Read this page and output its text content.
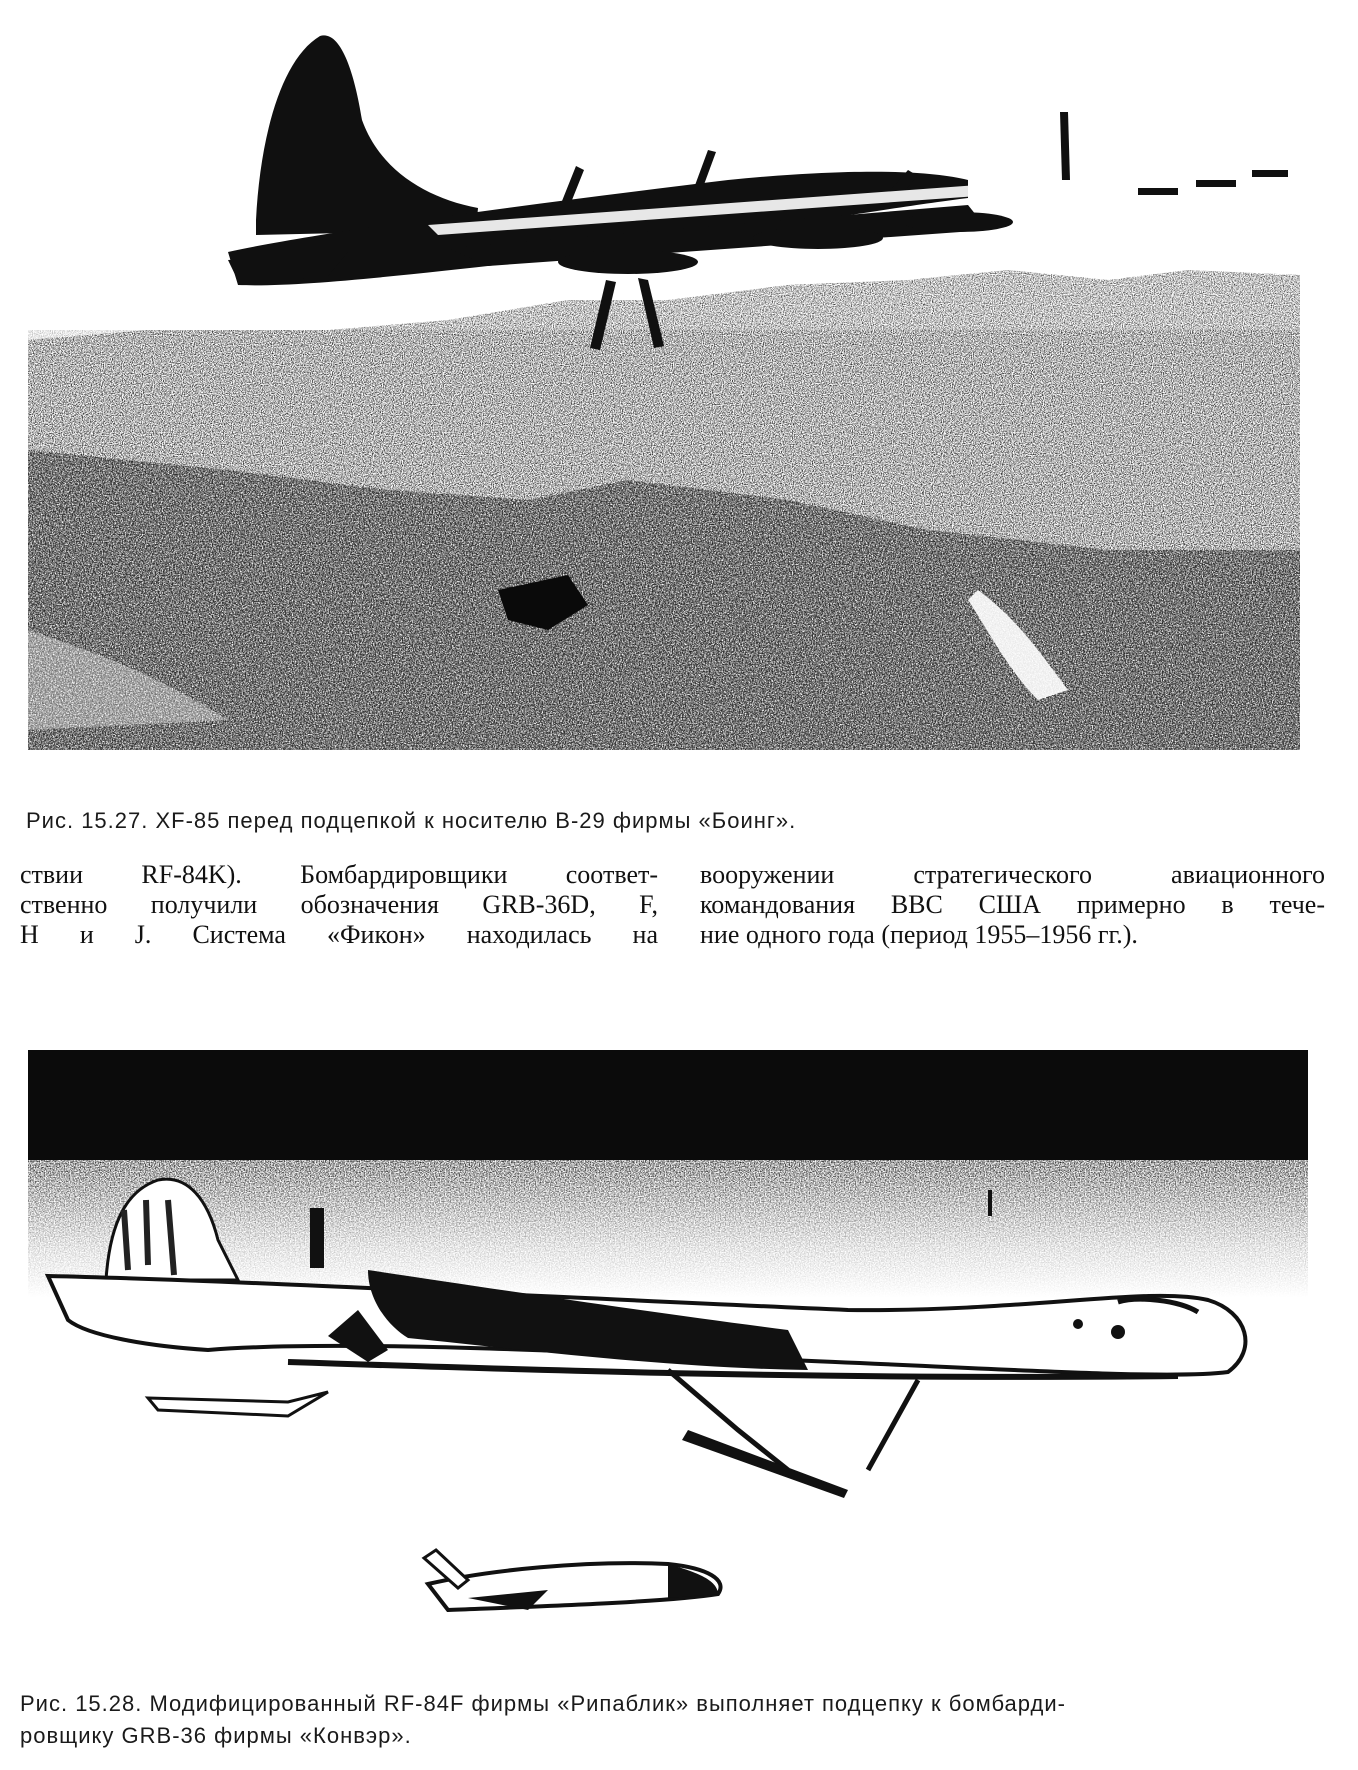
Рис. 15.27. XF-85 перед подцепкой к носителю B-29 фирмы «Боинг».
ствии RF-84K). Бомбардировщики соответ-
ственно получили обозначения GRB-36D, F,
H и J. Система «Фикон» находилась на
вооружении стратегического авиационного
командования ВВС США примерно в тече-
ние одного года (период 1955–1956 гг.).
Рис. 15.28. Модифицированный RF-84F фирмы «Рипаблик» выполняет подцепку к бомбарди-
ровщику GRB-36 фирмы «Конвэр».
